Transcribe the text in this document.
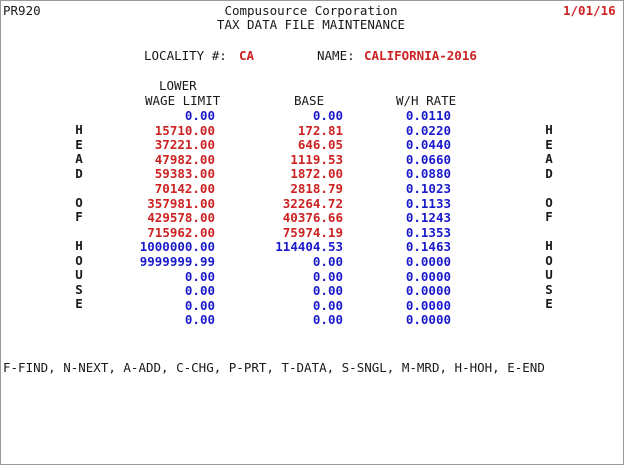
PR920	Compusource Corporation
TAX DATA FILE MAINTENANCE
1/01/16
LOCALITY #: CA	NAME: CALIFORNIA-2016
LOWER
WAGE LIMIT	BASE	W/H RATE
H
E
A
D
O
F
H
O
U
S
E
H
E
A
D
O
F
H
O
U
S
E
0.00	0.00	0.0110
15710.00	172.81	0.0220
37221.00	646.05	0.0440
47982.00	1119.53	0.0660
59383.00	1872.00	0.0880
70142.00	2818.79	0.1023
357981.00	32264.72	0.1133
429578.00	40376.66	0.1243
715962.00	75974.19	0.1353
1000000.00	114404.53	0.1463
9999999.99	0.00	0.0000
0.00	0.00	0.0000
0.00	0.00	0.0000
0.00	0.00	0.0000
0.00	0.00	0.0000
F-FIND, N-NEXT, A-ADD, C-CHG, P-PRT, T-DATA, S-SNGL, M-MRD, H-HOH, E-END
